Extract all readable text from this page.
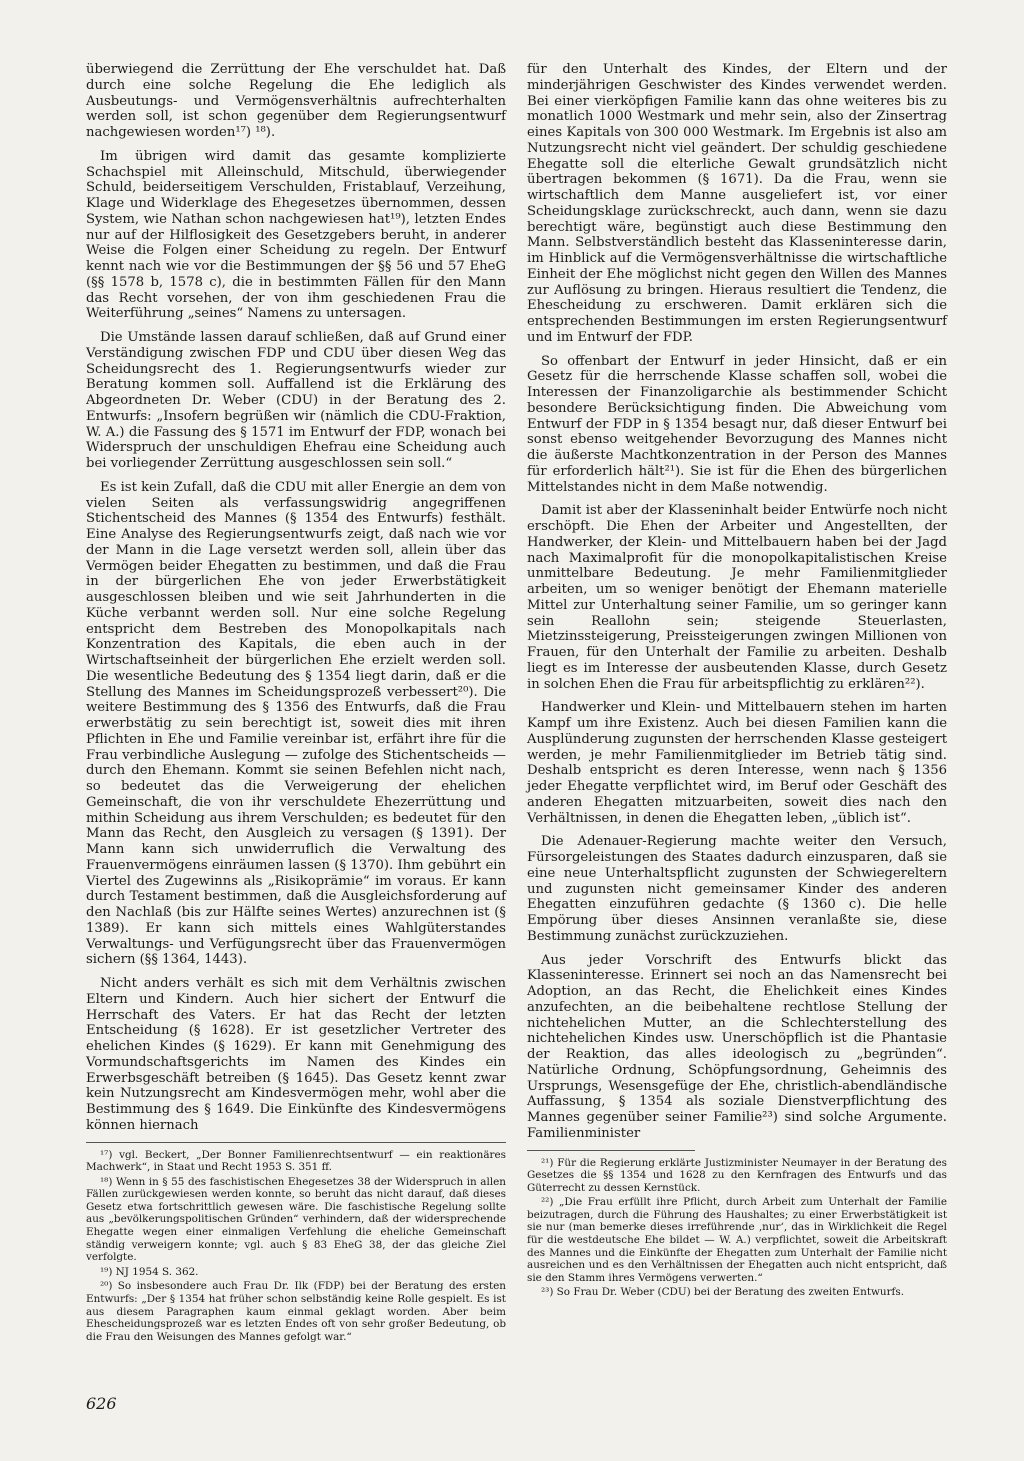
überwiegend die Zerrüttung der Ehe verschuldet hat. Daß durch eine solche Regelung die Ehe lediglich als Ausbeutungs- und Vermögensverhältnis aufrechterhalten werden soll, ist schon gegenüber dem Regierungsentwurf nachgewiesen worden¹⁷) ¹⁸).

Im übrigen wird damit das gesamte komplizierte Schachspiel mit Alleinschuld, Mitschuld, überwiegender Schuld, beiderseitigem Verschulden, Fristablauf, Verzeihung, Klage und Widerklage des Ehegesetzes übernommen, dessen System, wie Nathan schon nachgewiesen hat¹⁹), letzten Endes nur auf der Hilflosigkeit des Gesetzgebers beruht, in anderer Weise die Folgen einer Scheidung zu regeln. Der Entwurf kennt nach wie vor die Bestimmungen der §§ 56 und 57 EheG (§§ 1578 b, 1578 c), die in bestimmten Fällen für den Mann das Recht vorsehen, der von ihm geschiedenen Frau die Weiterführung „seines“ Namens zu untersagen.

Die Umstände lassen darauf schließen, daß auf Grund einer Verständigung zwischen FDP und CDU über diesen Weg das Scheidungsrecht des 1. Regierungsentwurfs wieder zur Beratung kommen soll. Auffallend ist die Erklärung des Abgeordneten Dr. Weber (CDU) in der Beratung des 2. Entwurfs: „Insofern begrüßen wir (nämlich die CDU-Fraktion, W. A.) die Fassung des § 1571 im Entwurf der FDP, wonach bei Widerspruch der unschuldigen Ehefrau eine Scheidung auch bei vorliegender Zerrüttung ausgeschlossen sein soll.“

Es ist kein Zufall, daß die CDU mit aller Energie an dem von vielen Seiten als verfassungswidrig angegriffenen Stichentscheid des Mannes (§ 1354 des Entwurfs) festhält. Eine Analyse des Regierungsentwurfs zeigt, daß nach wie vor der Mann in die Lage versetzt werden soll, allein über das Vermögen beider Ehegatten zu bestimmen, und daß die Frau in der bürgerlichen Ehe von jeder Erwerbstätigkeit ausgeschlossen bleiben und wie seit Jahrhunderten in die Küche verbannt werden soll. Nur eine solche Regelung entspricht dem Bestreben des Monopolkapitals nach Konzentration des Kapitals, die eben auch in der Wirtschaftseinheit der bürgerlichen Ehe erzielt werden soll. Die wesentliche Bedeutung des § 1354 liegt darin, daß er die Stellung des Mannes im Scheidungsprozeß verbessert²⁰). Die weitere Bestimmung des § 1356 des Entwurfs, daß die Frau erwerbstätig zu sein berechtigt ist, soweit dies mit ihren Pflichten in Ehe und Familie vereinbar ist, erfährt ihre für die Frau verbindliche Auslegung — zufolge des Stichentscheids — durch den Ehemann. Kommt sie seinen Befehlen nicht nach, so bedeutet das die Verweigerung der ehelichen Gemeinschaft, die von ihr verschuldete Ehezerrüttung und mithin Scheidung aus ihrem Verschulden; es bedeutet für den Mann das Recht, den Ausgleich zu versagen (§ 1391). Der Mann kann sich unwiderruflich die Verwaltung des Frauenvermögens einräumen lassen (§ 1370). Ihm gebührt ein Viertel des Zugewinns als „Risikoprämie“ im voraus. Er kann durch Testament bestimmen, daß die Ausgleichsforderung auf den Nachlaß (bis zur Hälfte seines Wertes) anzurechnen ist (§ 1389). Er kann sich mittels eines Wahlgüterstandes Verwaltungs- und Verfügungsrecht über das Frauenvermögen sichern (§§ 1364, 1443).

Nicht anders verhält es sich mit dem Verhältnis zwischen Eltern und Kindern. Auch hier sichert der Entwurf die Herrschaft des Vaters. Er hat das Recht der letzten Entscheidung (§ 1628). Er ist gesetzlicher Vertreter des ehelichen Kindes (§ 1629). Er kann mit Genehmigung des Vormundschaftsgerichts im Namen des Kindes ein Erwerbsgeschäft betreiben (§ 1645). Das Gesetz kennt zwar kein Nutzungsrecht am Kindesvermögen mehr, wohl aber die Bestimmung des § 1649. Die Einkünfte des Kindesvermögens können hiernach

¹⁷) vgl. Beckert, „Der Bonner Familienrechtsentwurf — ein reaktionäres Machwerk“, in Staat und Recht 1953 S. 351 ff.

¹⁸) Wenn in § 55 des faschistischen Ehegesetzes 38 der Widerspruch in allen Fällen zurückgewiesen werden konnte, so beruht das nicht darauf, daß dieses Gesetz etwa fortschrittlich gewesen wäre. Die faschistische Regelung sollte aus „bevölkerungspolitischen Gründen“ verhindern, daß der widersprechende Ehegatte wegen einer einmaligen Verfehlung die eheliche Gemeinschaft ständig verweigern konnte; vgl. auch § 83 EheG 38, der das gleiche Ziel verfolgte.

¹⁹) NJ 1954 S. 362.

²⁰) So insbesondere auch Frau Dr. Ilk (FDP) bei der Beratung des ersten Entwurfs: „Der § 1354 hat früher schon selbständig keine Rolle gespielt. Es ist aus diesem Paragraphen kaum einmal geklagt worden. Aber beim Ehescheidungsprozeß war es letzten Endes oft von sehr großer Bedeutung, ob die Frau den Weisungen des Mannes gefolgt war.“

für den Unterhalt des Kindes, der Eltern und der minderjährigen Geschwister des Kindes verwendet werden. Bei einer vierköpfigen Familie kann das ohne weiteres bis zu monatlich 1000 Westmark und mehr sein, also der Zinsertrag eines Kapitals von 300 000 Westmark. Im Ergebnis ist also am Nutzungsrecht nicht viel geändert. Der schuldig geschiedene Ehegatte soll die elterliche Gewalt grundsätzlich nicht übertragen bekommen (§ 1671). Da die Frau, wenn sie wirtschaftlich dem Manne ausgeliefert ist, vor einer Scheidungsklage zurückschreckt, auch dann, wenn sie dazu berechtigt wäre, begünstigt auch diese Bestimmung den Mann. Selbstverständlich besteht das Klasseninteresse darin, im Hinblick auf die Vermögensverhältnisse die wirtschaftliche Einheit der Ehe möglichst nicht gegen den Willen des Mannes zur Auflösung zu bringen. Hieraus resultiert die Tendenz, die Ehescheidung zu erschweren. Damit erklären sich die entsprechenden Bestimmungen im ersten Regierungsentwurf und im Entwurf der FDP.

So offenbart der Entwurf in jeder Hinsicht, daß er ein Gesetz für die herrschende Klasse schaffen soll, wobei die Interessen der Finanzoligarchie als bestimmender Schicht besondere Berücksichtigung finden. Die Abweichung vom Entwurf der FDP in § 1354 besagt nur, daß dieser Entwurf bei sonst ebenso weitgehender Bevorzugung des Mannes nicht die äußerste Machtkonzentration in der Person des Mannes für erforderlich hält²¹). Sie ist für die Ehen des bürgerlichen Mittelstandes nicht in dem Maße notwendig.

Damit ist aber der Klasseninhalt beider Entwürfe noch nicht erschöpft. Die Ehen der Arbeiter und Angestellten, der Handwerker, der Klein- und Mittelbauern haben bei der Jagd nach Maximalprofit für die monopolkapitalistischen Kreise unmittelbare Bedeutung. Je mehr Familienmitglieder arbeiten, um so weniger benötigt der Ehemann materielle Mittel zur Unterhaltung seiner Familie, um so geringer kann sein Reallohn sein; steigende Steuerlasten, Mietzinssteigerung, Preissteigerungen zwingen Millionen von Frauen, für den Unterhalt der Familie zu arbeiten. Deshalb liegt es im Interesse der ausbeutenden Klasse, durch Gesetz in solchen Ehen die Frau für arbeitspflichtig zu erklären²²).

Handwerker und Klein- und Mittelbauern stehen im harten Kampf um ihre Existenz. Auch bei diesen Familien kann die Ausplünderung zugunsten der herrschenden Klasse gesteigert werden, je mehr Familienmitglieder im Betrieb tätig sind. Deshalb entspricht es deren Interesse, wenn nach § 1356 jeder Ehegatte verpflichtet wird, im Beruf oder Geschäft des anderen Ehegatten mitzuarbeiten, soweit dies nach den Verhältnissen, in denen die Ehegatten leben, „üblich ist“.

Die Adenauer-Regierung machte weiter den Versuch, Fürsorgeleistungen des Staates dadurch einzusparen, daß sie eine neue Unterhaltspflicht zugunsten der Schwiegereltern und zugunsten nicht gemeinsamer Kinder des anderen Ehegatten einzuführen gedachte (§ 1360 c). Die helle Empörung über dieses Ansinnen veranlaßte sie, diese Bestimmung zunächst zurückzuziehen.

Aus jeder Vorschrift des Entwurfs blickt das Klasseninteresse. Erinnert sei noch an das Namensrecht bei Adoption, an das Recht, die Ehelichkeit eines Kindes anzufechten, an die beibehaltene rechtlose Stellung der nichtehelichen Mutter, an die Schlechterstellung des nichtehelichen Kindes usw. Unerschöpflich ist die Phantasie der Reaktion, das alles ideologisch zu „begründen“. Natürliche Ordnung, Schöpfungsordnung, Geheimnis des Ursprungs, Wesensgefüge der Ehe, christlich-abendländische Auffassung, § 1354 als soziale Dienstverpflichtung des Mannes gegenüber seiner Familie²³) sind solche Argumente. Familienminister

²¹) Für die Regierung erklärte Justizminister Neumayer in der Beratung des Gesetzes die §§ 1354 und 1628 zu den Kernfragen des Entwurfs und das Güterrecht zu dessen Kernstück.

²²) „Die Frau erfüllt ihre Pflicht, durch Arbeit zum Unterhalt der Familie beizutragen, durch die Führung des Haushaltes; zu einer Erwerbstätigkeit ist sie nur (man bemerke dieses irreführende ‚nur‘, das in Wirklichkeit die Regel für die westdeutsche Ehe bildet — W. A.) verpflichtet, soweit die Arbeitskraft des Mannes und die Einkünfte der Ehegatten zum Unterhalt der Familie nicht ausreichen und es den Verhältnissen der Ehegatten auch nicht entspricht, daß sie den Stamm ihres Vermögens verwerten.“

²³) So Frau Dr. Weber (CDU) bei der Beratung des zweiten Entwurfs.

626
